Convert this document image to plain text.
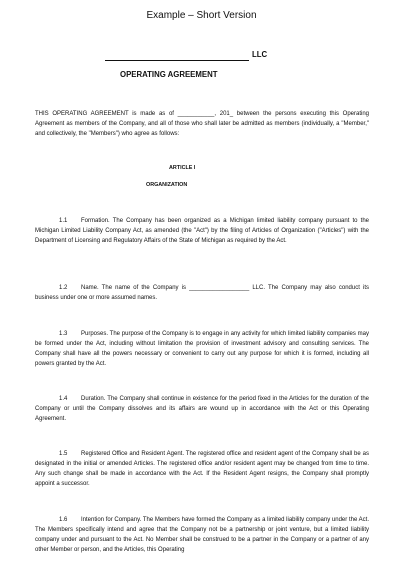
Example – Short Version
LLC
OPERATING AGREEMENT
THIS OPERATING AGREEMENT is made as of ___________, 201_ between the persons executing this Operating Agreement as members of the Company, and all of those who shall later be admitted as members (individually, a "Member," and collectively, the "Members") who agree as follows:
ARTICLE I
ORGANIZATION
1.1 Formation. The Company has been organized as a Michigan limited liability company pursuant to the Michigan Limited Liability Company Act, as amended (the "Act") by the filing of Articles of Organization ("Articles") with the Department of Licensing and Regulatory Affairs of the State of Michigan as required by the Act.
1.2 Name. The name of the Company is __________________ LLC. The Company may also conduct its business under one or more assumed names.
1.3 Purposes. The purpose of the Company is to engage in any activity for which limited liability companies may be formed under the Act, including without limitation the provision of investment advisory and consulting services. The Company shall have all the powers necessary or convenient to carry out any purpose for which it is formed, including all powers granted by the Act.
1.4 Duration. The Company shall continue in existence for the period fixed in the Articles for the duration of the Company or until the Company dissolves and its affairs are wound up in accordance with the Act or this Operating Agreement.
1.5 Registered Office and Resident Agent. The registered office and resident agent of the Company shall be as designated in the initial or amended Articles. The registered office and/or resident agent may be changed from time to time. Any such change shall be made in accordance with the Act. If the Resident Agent resigns, the Company shall promptly appoint a successor.
1.6 Intention for Company. The Members have formed the Company as a limited liability company under the Act. The Members specifically intend and agree that the Company not be a partnership or joint venture, but a limited liability company under and pursuant to the Act. No Member shall be construed to be a partner in the Company or a partner of any other Member or person, and the Articles, this Operating
